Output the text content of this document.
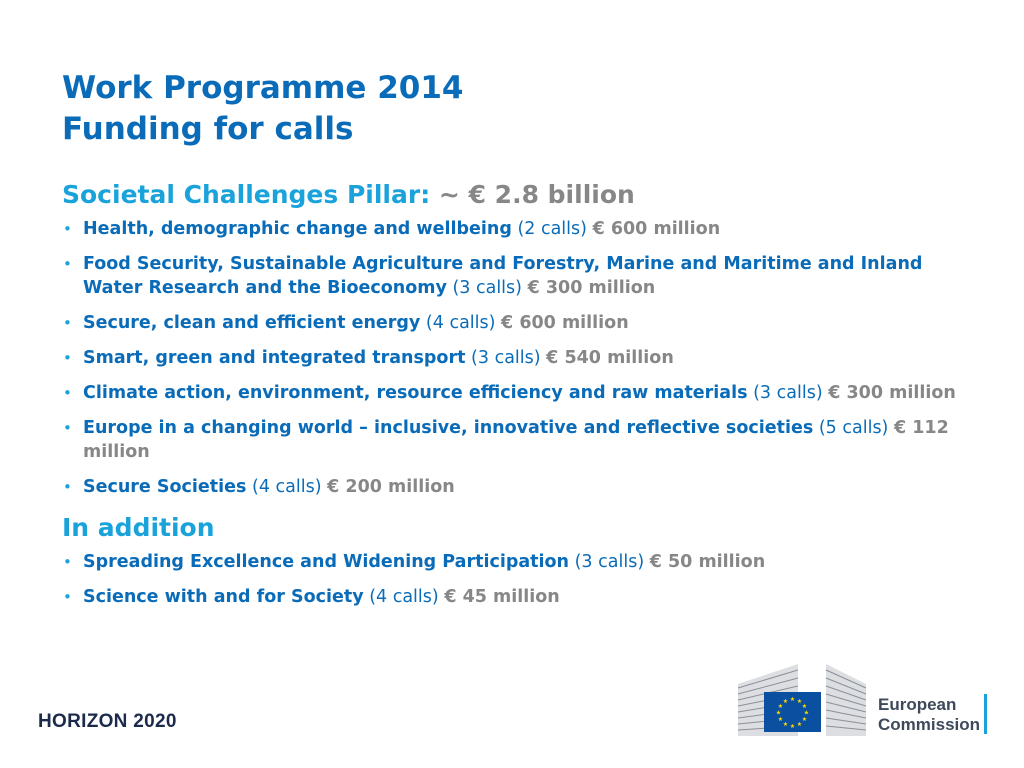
Work Programme 2014
Funding for calls
Societal Challenges Pillar: ~ € 2.8 billion
• Health, demographic change and wellbeing (2 calls) € 600 million
• Food Security, Sustainable Agriculture and Forestry, Marine and Maritime and Inland Water Research and the Bioeconomy (3 calls) € 300 million
• Secure, clean and efficient energy (4 calls) € 600 million
• Smart, green and integrated transport (3 calls) € 540 million
• Climate action, environment, resource efficiency and raw materials (3 calls) € 300 million
• Europe in a changing world – inclusive, innovative and reflective societies (5 calls) € 112 million
• Secure Societies (4 calls) € 200 million
In addition
• Spreading Excellence and Widening Participation (3 calls) € 50 million
• Science with and for Society (4 calls) € 45 million
HORIZON 2020
★ ★
★
★
★
★
★
★
★
★
★
★	European
Commission
